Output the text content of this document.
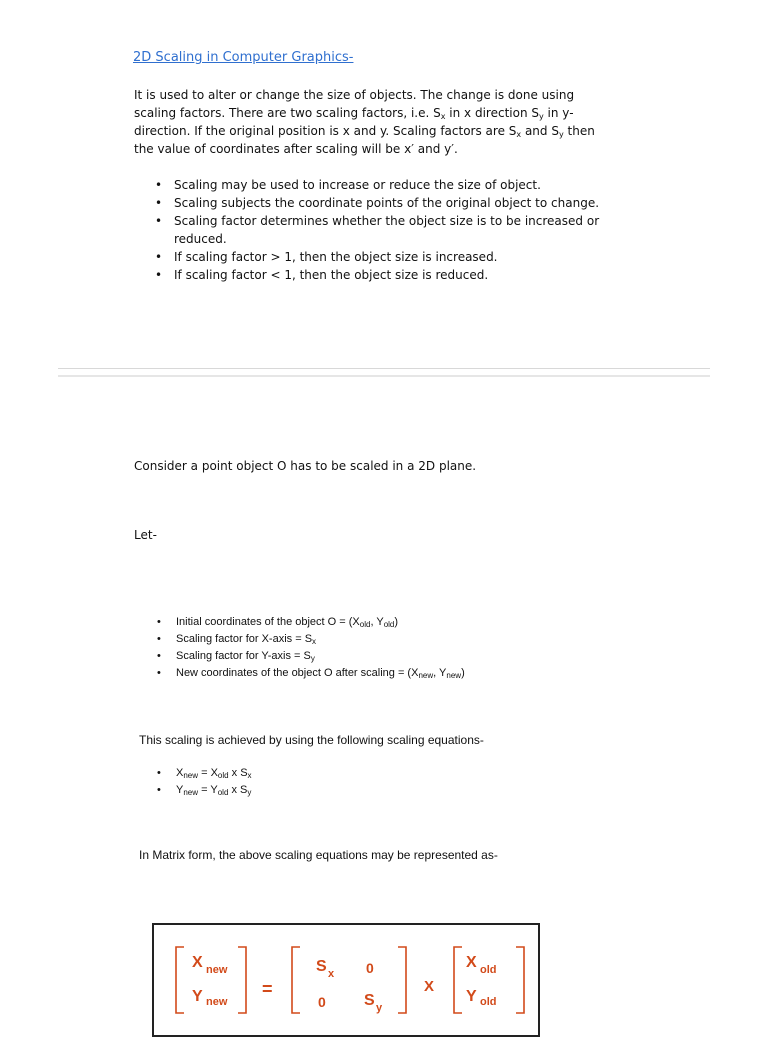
2D Scaling in Computer Graphics-

It is used to alter or change the size of objects. The change is done using

scaling factors. There are two scaling factors, i.e. $S_x$ in x direction $S_y$ in y-

direction. If the original position is x and y. Scaling factors are $S_x$ and $S_y$ then

the value of coordinates after scaling will be x′ and y′.

• Scaling may be used to increase or reduce the size of object.
• Scaling subjects the coordinate points of the original object to change.
• Scaling factor determines whether the object size is to be increased or reduced.
• If scaling factor > 1, then the object size is increased.
• If scaling factor < 1, then the object size is reduced.
Consider a point object O has to be scaled in a 2D plane.
Let-
• Initial coordinates of the object $O = (X_{old}$, $Y_{old}$)
• Scaling factor for X-axis = $S_x$
• Scaling factor for Y-axis = $S_y$
• New coordinates of the object O after scaling = ($X_{new}$, $Y_{new}$)
This scaling is achieved by using the following scaling equations-
• $X_{new} = X_{old}$ x $S_x$
• $Y_{new} = Y_{old}$ x $S_y$
In Matrix form, the above scaling equations may be represented as-
X new
Y new
=
S x 0
0 S y
X
X old
Y old
